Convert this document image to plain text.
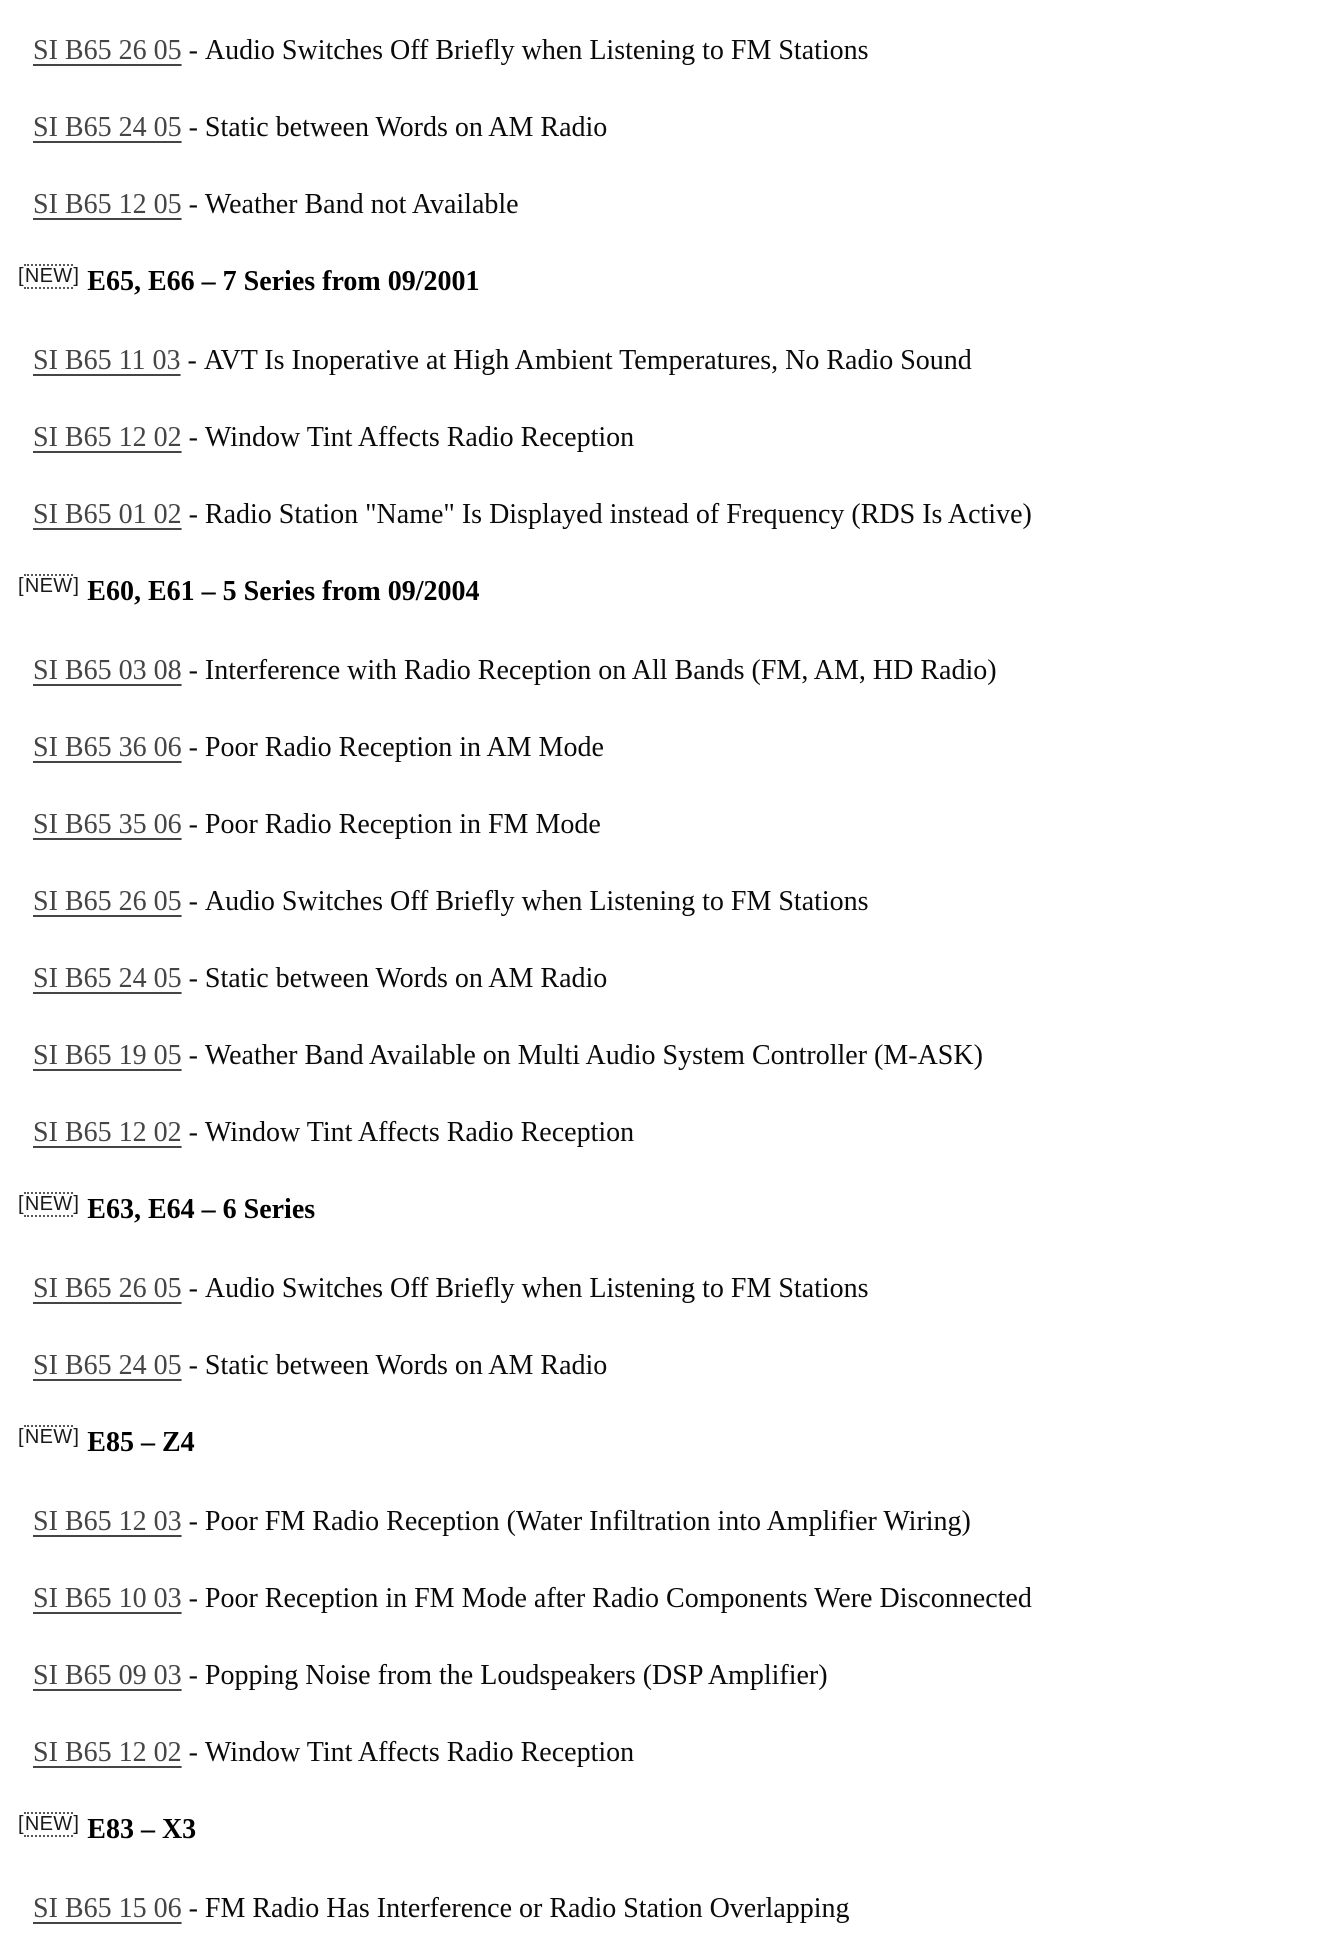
SI B65 26 05 - Audio Switches Off Briefly when Listening to FM Stations

SI B65 24 05 - Static between Words on AM Radio

SI B65 12 05 - Weather Band not Available

[NEW] E65, E66 – 7 Series from 09/2001

SI B65 11 03 - AVT Is Inoperative at High Ambient Temperatures, No Radio Sound

SI B65 12 02 - Window Tint Affects Radio Reception

SI B65 01 02 - Radio Station "Name" Is Displayed instead of Frequency (RDS Is Active)

[NEW] E60, E61 – 5 Series from 09/2004

SI B65 03 08 - Interference with Radio Reception on All Bands (FM, AM, HD Radio)

SI B65 36 06 - Poor Radio Reception in AM Mode

SI B65 35 06 - Poor Radio Reception in FM Mode

SI B65 26 05 - Audio Switches Off Briefly when Listening to FM Stations

SI B65 24 05 - Static between Words on AM Radio

SI B65 19 05 - Weather Band Available on Multi Audio System Controller (M-ASK)

SI B65 12 02 - Window Tint Affects Radio Reception

[NEW] E63, E64 – 6 Series

SI B65 26 05 - Audio Switches Off Briefly when Listening to FM Stations

SI B65 24 05 - Static between Words on AM Radio

[NEW] E85 – Z4

SI B65 12 03 - Poor FM Radio Reception (Water Infiltration into Amplifier Wiring)

SI B65 10 03 - Poor Reception in FM Mode after Radio Components Were Disconnected

SI B65 09 03 - Popping Noise from the Loudspeakers (DSP Amplifier)

SI B65 12 02 - Window Tint Affects Radio Reception

[NEW] E83 – X3

SI B65 15 06 - FM Radio Has Interference or Radio Station Overlapping
